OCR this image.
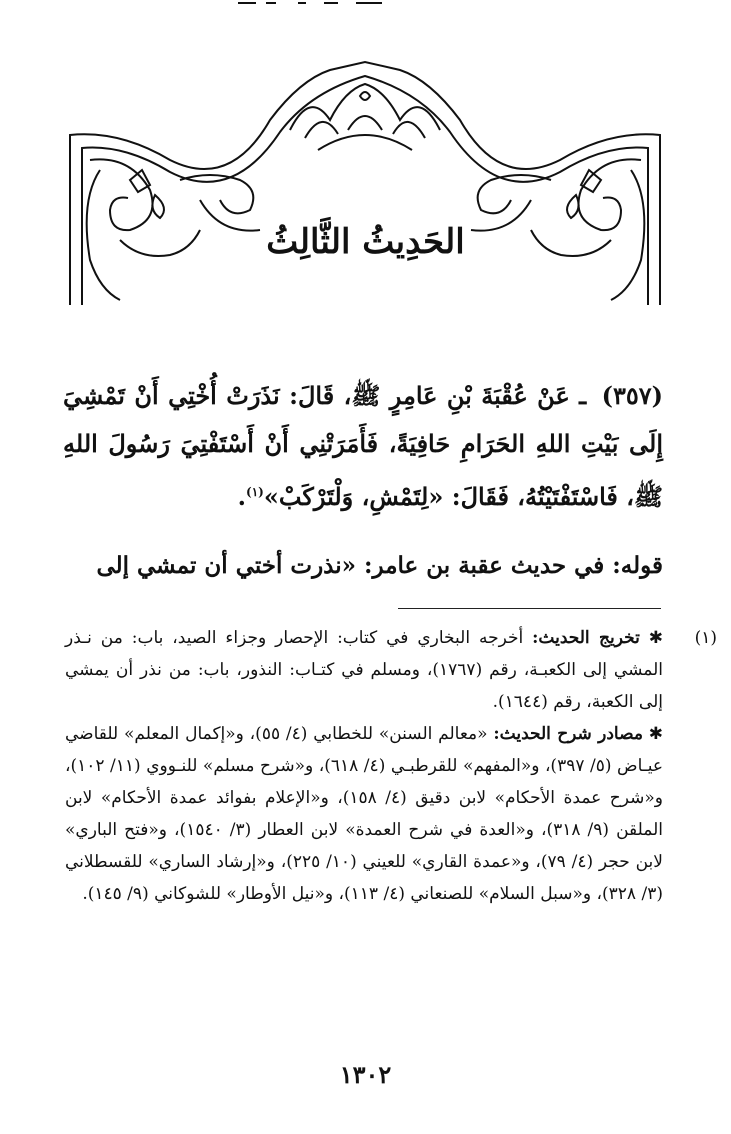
الحَدِيثُ الثَّالِثُ
(٣٥٧) ـ عَنْ عُقْبَةَ بْنِ عَامِرٍ ﷺ، قَالَ: نَذَرَتْ أُخْتِي أَنْ تَمْشِيَ إِلَى بَيْتِ اللهِ الحَرَامِ حَافِيَةً، فَأَمَرَتْنِي أَنْ أَسْتَفْتِيَ رَسُولَ اللهِ ﷺ، فَاسْتَفْتَيْتُهُ، فَقَالَ: «لِتَمْشِ، وَلْتَرْكَبْ»$^{(١)}$.
قوله: في حديث عقبة بن عامر: «نذرت أختي أن تمشي إلى
(١)
✱ تخريج الحديث: أخرجه البخاري في كتاب: الإحصار وجزاء الصيد، باب: من نـذر المشي إلى الكعبـة، رقم (١٧٦٧)، ومسلم في كتـاب: النذور، باب: من نذر أن يمشي إلى الكعبة، رقم (١٦٤٤).
✱ مصادر شرح الحديث: «معالم السنن» للخطابي (٤/ ٥٥)، و«إكمال المعلم» للقاضي عيـاض (٥/ ٣٩٧)، و«المفهم» للقرطبـي (٤/ ٦١٨)، و«شرح مسلم» للنـووي (١١/ ١٠٢)، و«شرح عمدة الأحكام» لابن دقيق (٤/ ١٥٨)، و«الإعلام بفوائد عمدة الأحكام» لابن الملقن (٩/ ٣١٨)، و«العدة في شرح العمدة» لابن العطار (٣/ ١٥٤٠)، و«فتح الباري» لابن حجر (٤/ ٧٩)، و«عمدة القاري» للعيني (١٠/ ٢٢٥)، و«إرشاد الساري» للقسطلاني (٣/ ٣٢٨)، و«سبل السلام» للصنعاني (٤/ ١١٣)، و«نيل الأوطار» للشوكاني (٩/ ١٤٥).
١٣٠٢
